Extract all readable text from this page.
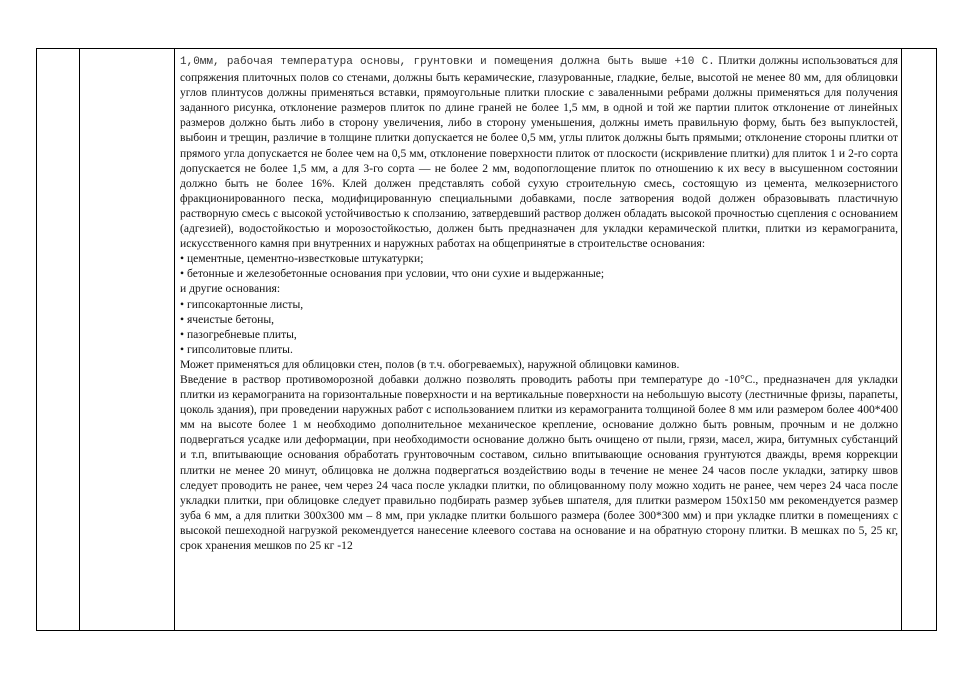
1,0мм, рабочая температура основы, грунтовки и помещения должна быть выше +10 С. Плитки должны использоваться для сопряжения плиточных полов со стенами, должны быть керамические, глазурованные, гладкие, белые, высотой не менее 80 мм, для облицовки углов плинтусов должны применяться вставки, прямоугольные плитки плоские с заваленными ребрами должны применяться для получения заданного рисунка, отклонение размеров плиток по длине граней не более 1,5 мм, в одной и той же партии плиток отклонение от линейных размеров должно быть либо в сторону увеличения, либо в сторону уменьшения, должны иметь правильную форму, быть без выпуклостей, выбоин и трещин, различие в толщине плитки допускается не более 0,5 мм, углы плиток должны быть прямыми; отклонение стороны плитки от прямого угла допускается не более чем на 0,5 мм, отклонение поверхности плиток от плоскости (искривление плитки) для плиток 1 и 2-го сорта допускается не более 1,5 мм, а для 3-го сорта — не более 2 мм, водопоглощение плиток по отношению к их весу в высушенном состоянии должно быть не более 16%. Клей должен представлять собой сухую строительную смесь, состоящую из цемента, мелкозернистого фракционированного песка, модифицированную специальными добавками, после затворения водой должен образовывать пластичную растворную смесь с высокой устойчивостью к сползанию, затвердевший раствор должен обладать высокой прочностью сцепления с основанием (адгезией), водостойкостью и морозостойкостью, должен быть предназначен для укладки керамической плитки, плитки из керамогранита, искусственного камня при внутренних и наружных работах на общепринятые в строительстве основания:

• цементные, цементно-известковые штукатурки;

• бетонные и железобетонные основания при условии, что они сухие и выдержанные;

и другие основания:

• гипсокартонные листы,

• ячеистые бетоны,

• пазогребневые плиты,

• гипсолитовые плиты.

Может применяться для облицовки стен, полов (в т.ч. обогреваемых), наружной облицовки каминов.

Введение в раствор противоморозной добавки должно позволять проводить работы при температуре до -10°С., предназначен для укладки плитки из керамогранита на горизонтальные поверхности и на вертикальные поверхности на небольшую высоту (лестничные фризы, парапеты, цоколь здания), при проведении наружных работ с использованием плитки из керамогранита толщиной более 8 мм или размером более 400*400 мм на высоте более 1 м необходимо дополнительное механическое крепление, основание должно быть ровным, прочным и не должно подвергаться усадке или деформации, при необходимости основание должно быть очищено от пыли, грязи, масел, жира, битумных субстанций и т.п, впитывающие основания обработать грунтовочным составом, сильно впитывающие основания грунтуются дважды, время коррекции плитки не менее 20 минут, облицовка не должна подвергаться воздействию воды в течение не менее 24 часов после укладки, затирку швов следует проводить не ранее, чем через 24 часа после укладки плитки, по облицованному полу можно ходить не ранее, чем через 24 часа после укладки плитки, при облицовке следует правильно подбирать размер зубьев шпателя, для плитки размером 150х150 мм рекомендуется размер зуба 6 мм, а для плитки 300х300 мм – 8 мм, при укладке плитки большого размера (более 300*300 мм) и при укладке плитки в помещениях с высокой пешеходной нагрузкой рекомендуется нанесение клеевого состава на основание и на обратную сторону плитки. В мешках по 5, 25 кг, срок хранения мешков по 25 кг -12
